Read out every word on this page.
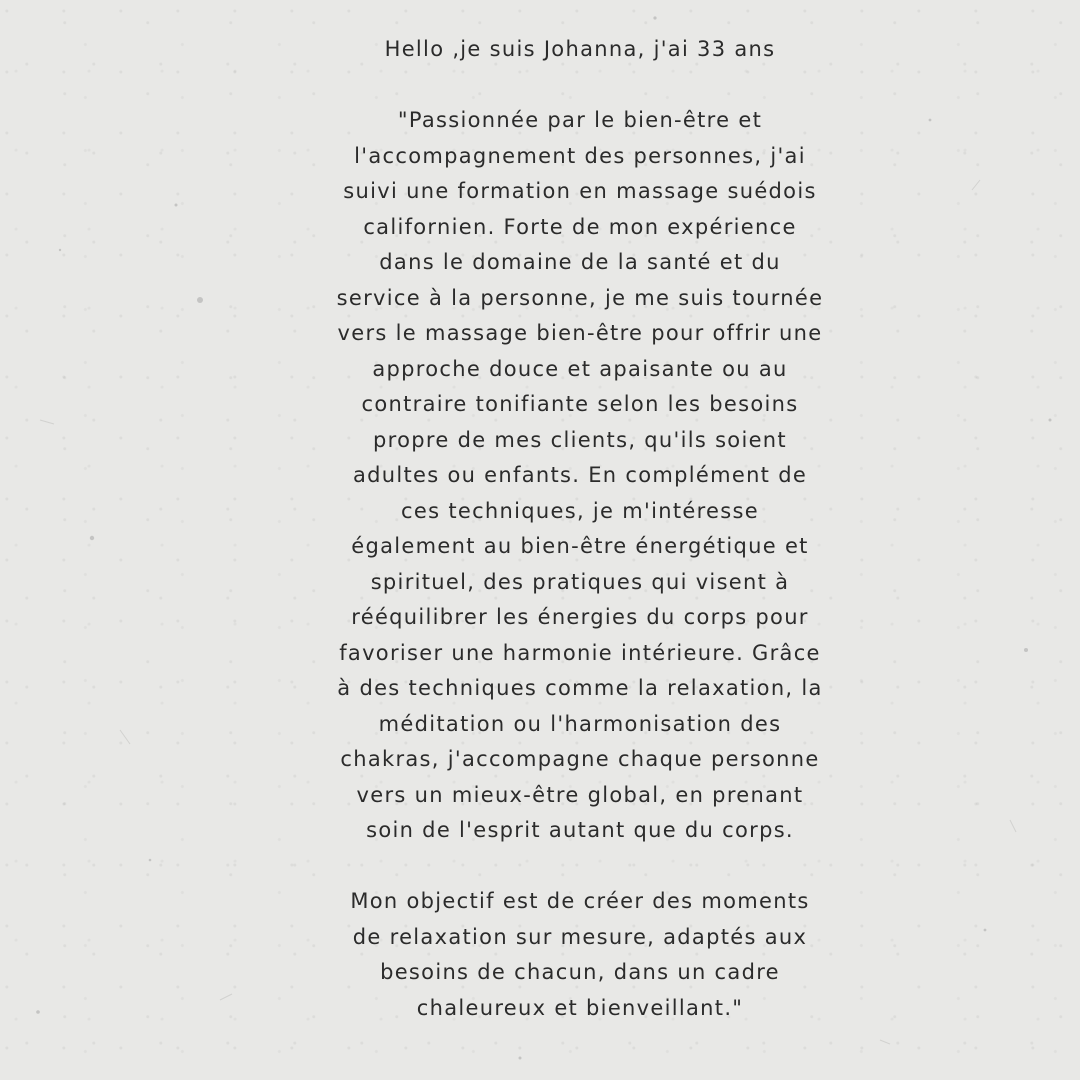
Hello ,je suis Johanna, j'ai 33 ans

"Passionnée par le bien-être et
l'accompagnement des personnes, j'ai
suivi une formation en massage suédois
californien. Forte de mon expérience
dans le domaine de la santé et du
service à la personne, je me suis tournée
vers le massage bien-être pour offrir une
approche douce et apaisante ou au
contraire tonifiante selon les besoins
propre de mes clients, qu'ils soient
adultes ou enfants. En complément de
ces techniques, je m'intéresse
également au bien-être énergétique et
spirituel, des pratiques qui visent à
rééquilibrer les énergies du corps pour
favoriser une harmonie intérieure. Grâce
à des techniques comme la relaxation, la
méditation ou l'harmonisation des
chakras, j'accompagne chaque personne
vers un mieux-être global, en prenant
soin de l'esprit autant que du corps.

Mon objectif est de créer des moments
de relaxation sur mesure, adaptés aux
besoins de chacun, dans un cadre
chaleureux et bienveillant."
